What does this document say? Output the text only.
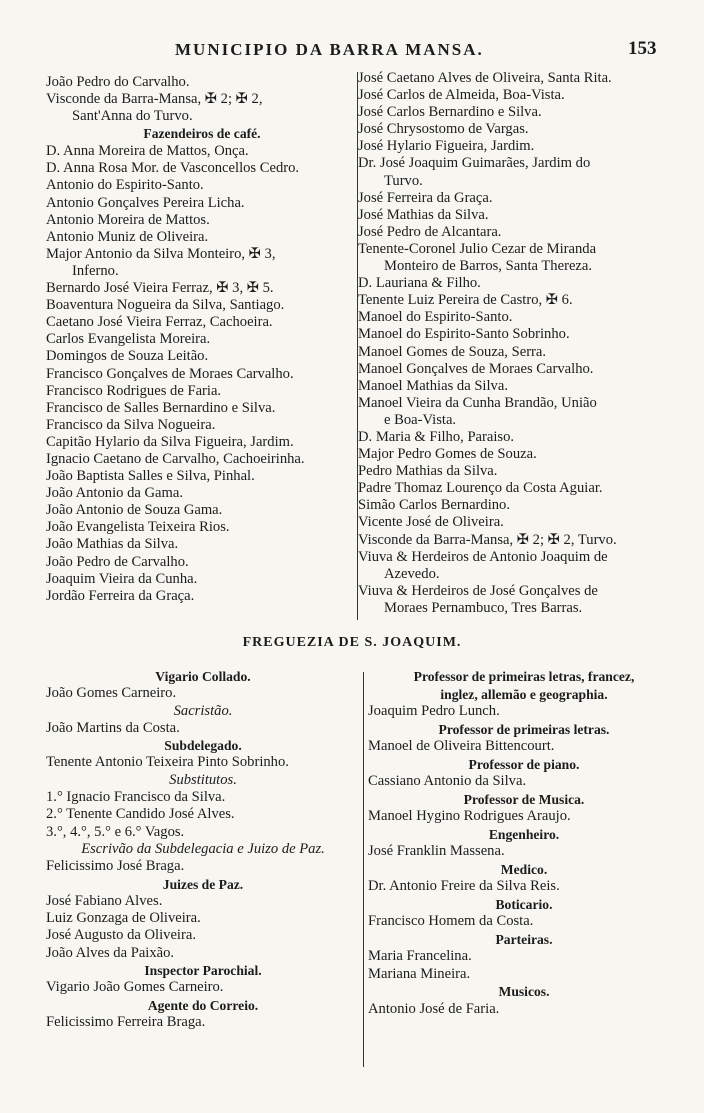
MUNICIPIO DA BARRA MANSA.	153
João Pedro do Carvalho.
Visconde da Barra-Mansa, ✠ 2; ✠ 2,
Sant'Anna do Turvo.
Fazendeiros de café.
D. Anna Moreira de Mattos, Onça.
D. Anna Rosa Mor. de Vasconcellos Cedro.
Antonio do Espirito-Santo.
Antonio Gonçalves Pereira Licha.
Antonio Moreira de Mattos.
Antonio Muniz de Oliveira.
Major Antonio da Silva Monteiro, ✠ 3,
Inferno.
Bernardo José Vieira Ferraz, ✠ 3, ✠ 5.
Boaventura Nogueira da Silva, Santiago.
Caetano José Vieira Ferraz, Cachoeira.
Carlos Evangelista Moreira.
Domingos de Souza Leitão.
Francisco Gonçalves de Moraes Carvalho.
Francisco Rodrigues de Faria.
Francisco de Salles Bernardino e Silva.
Francisco da Silva Nogueira.
Capitão Hylario da Silva Figueira, Jardim.
Ignacio Caetano de Carvalho, Cachoeirinha.
João Baptista Salles e Silva, Pinhal.
João Antonio da Gama.
João Antonio de Souza Gama.
João Evangelista Teixeira Rios.
João Mathias da Silva.
João Pedro de Carvalho.
Joaquim Vieira da Cunha.
Jordão Ferreira da Graça.
José Caetano Alves de Oliveira, Santa Rita.
José Carlos de Almeida, Boa-Vista.
José Carlos Bernardino e Silva.
José Chrysostomo de Vargas.
José Hylario Figueira, Jardim.
Dr. José Joaquim Guimarães, Jardim do
Turvo.
José Ferreira da Graça.
José Mathias da Silva.
José Pedro de Alcantara.
Tenente-Coronel Julio Cezar de Miranda
Monteiro de Barros, Santa Thereza.
D. Lauriana & Filho.
Tenente Luiz Pereira de Castro, ✠ 6.
Manoel do Espirito-Santo.
Manoel do Espirito-Santo Sobrinho.
Manoel Gomes de Souza, Serra.
Manoel Gonçalves de Moraes Carvalho.
Manoel Mathias da Silva.
Manoel Vieira da Cunha Brandão, União
e Boa-Vista.
D. Maria & Filho, Paraiso.
Major Pedro Gomes de Souza.
Pedro Mathias da Silva.
Padre Thomaz Lourenço da Costa Aguiar.
Simão Carlos Bernardino.
Vicente José de Oliveira.
Visconde da Barra-Mansa, ✠ 2; ✠ 2, Turvo.
Viuva & Herdeiros de Antonio Joaquim de
Azevedo.
Viuva & Herdeiros de José Gonçalves de
Moraes Pernambuco, Tres Barras.
FREGUEZIA DE S. JOAQUIM.
Vigario Collado.
João Gomes Carneiro.
Sacristão.
João Martins da Costa.
Subdelegado.
Tenente Antonio Teixeira Pinto Sobrinho.
Substitutos.
1.° Ignacio Francisco da Silva.
2.° Tenente Candido José Alves.
3.°, 4.°, 5.° e 6.° Vagos.
Escrivão da Subdelegacia e Juizo de Paz.
Felicissimo José Braga.
Juizes de Paz.
José Fabiano Alves.
Luiz Gonzaga de Oliveira.
José Augusto da Oliveira.
João Alves da Paixão.
Inspector Parochial.
Vigario João Gomes Carneiro.
Agente do Correio.
Felicissimo Ferreira Braga.
Professor de primeiras letras, francez,
inglez, allemão e geographia.
Joaquim Pedro Lunch.
Professor de primeiras letras.
Manoel de Oliveira Bittencourt.
Professor de piano.
Cassiano Antonio da Silva.
Professor de Musica.
Manoel Hygino Rodrigues Araujo.
Engenheiro.
José Franklin Massena.
Medico.
Dr. Antonio Freire da Silva Reis.
Boticario.
Francisco Homem da Costa.
Parteiras.
Maria Francelina.
Mariana Mineira.
Musicos.
Antonio José de Faria.
